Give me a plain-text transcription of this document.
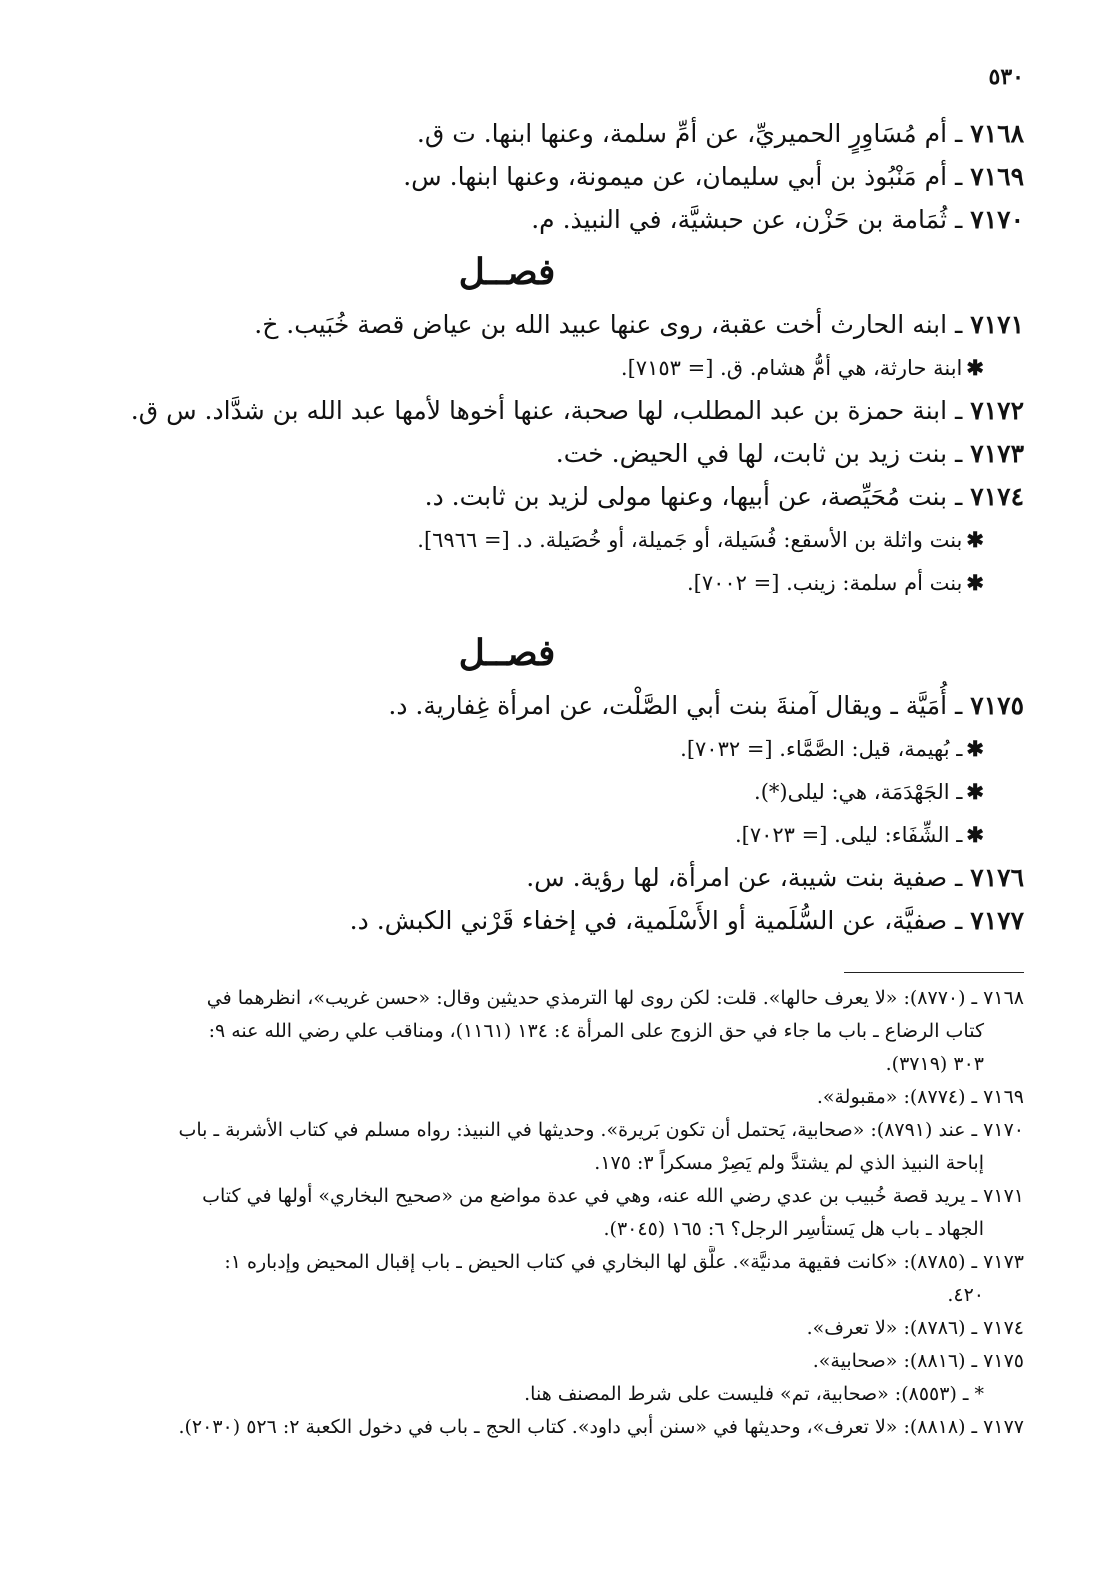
٥٣٠
٧١٦٨ ـ أم مُسَاوِرٍ الحميريِّ، عن أمِّ سلمة، وعنها ابنها. ت ق.
٧١٦٩ ـ أم مَنْبُوذ بن أبي سليمان، عن ميمونة، وعنها ابنها. س.
٧١٧٠ ـ ثُمَامة بن حَزْن، عن حبشيَّة، في النبيذ. م.
فصــل
٧١٧١ ـ ابنه الحارث أخت عقبة، روى عنها عبيد الله بن عياض قصة خُبَيب. خ.
✱ابنة حارثة، هي أمُّ هشام. ق. [= ٧١٥٣].
٧١٧٢ ـ ابنة حمزة بن عبد المطلب، لها صحبة، عنها أخوها لأمها عبد الله بن شدَّاد. س ق.
٧١٧٣ ـ بنت زيد بن ثابت، لها في الحيض. خت.
٧١٧٤ ـ بنت مُحَيِّصة، عن أبيها، وعنها مولى لزيد بن ثابت. د.
✱بنت واثلة بن الأسقع: فُسَيلة، أو جَميلة، أو خُصَيلة. د. [= ٦٩٦٦].
✱بنت أم سلمة: زينب. [= ٧٠٠٢].
فصــل
٧١٧٥ ـ أُمَيَّة ـ ويقال آمنةَ بنت أبي الصَّلْت، عن امرأة غِفارية. د.
✱ـ بُهيمة، قيل: الصَّمَّاء. [= ٧٠٣٢].
✱ـ الجَهْدَمَة، هي: ليلى(*).
✱ـ الشِّفَاء: ليلى. [= ٧٠٢٣].
٧١٧٦ ـ صفية بنت شيبة، عن امرأة، لها رؤية. س.
٧١٧٧ ـ صفيَّة، عن السُّلَمية أو الأَسْلَمية، في إخفاء قَرْني الكبش. د.
٧١٦٨ ـ (٨٧٧٠): «لا يعرف حالها». قلت: لكن روى لها الترمذي حديثين وقال: «حسن غريب»، انظرهما في
كتاب الرضاع ـ باب ما جاء في حق الزوج على المرأة ٤: ١٣٤ (١١٦١)، ومناقب علي رضي الله عنه ٩:
٣٠٣ (٣٧١٩).
٧١٦٩ ـ (٨٧٧٤): «مقبولة».
٧١٧٠ ـ عند (٨٧٩١): «صحابية، يَحتمل أن تكون بَريرة». وحديثها في النبيذ: رواه مسلم في كتاب الأشربة ـ باب
إباحة النبيذ الذي لم يشتدَّ ولم يَصِرْ مسكراً ٣: ١٧٥.
٧١٧١ ـ يريد قصة خُبيب بن عدي رضي الله عنه، وهي في عدة مواضع من «صحيح البخاري» أولها في كتاب
الجهاد ـ باب هل يَستأسِر الرجل؟ ٦: ١٦٥ (٣٠٤٥).
٧١٧٣ ـ (٨٧٨٥): «كانت فقيهة مدنيَّة». علَّق لها البخاري في كتاب الحيض ـ باب إقبال المحيض وإدباره ١:
٤٢٠.
٧١٧٤ ـ (٨٧٨٦): «لا تعرف».
٧١٧٥ ـ (٨٨١٦): «صحابية».
* ـ (٨٥٥٣): «صحابية، تم» فليست على شرط المصنف هنا.
٧١٧٧ ـ (٨٨١٨): «لا تعرف»، وحديثها في «سنن أبي داود». كتاب الحج ـ باب في دخول الكعبة ٢: ٥٢٦ (٢٠٣٠).
